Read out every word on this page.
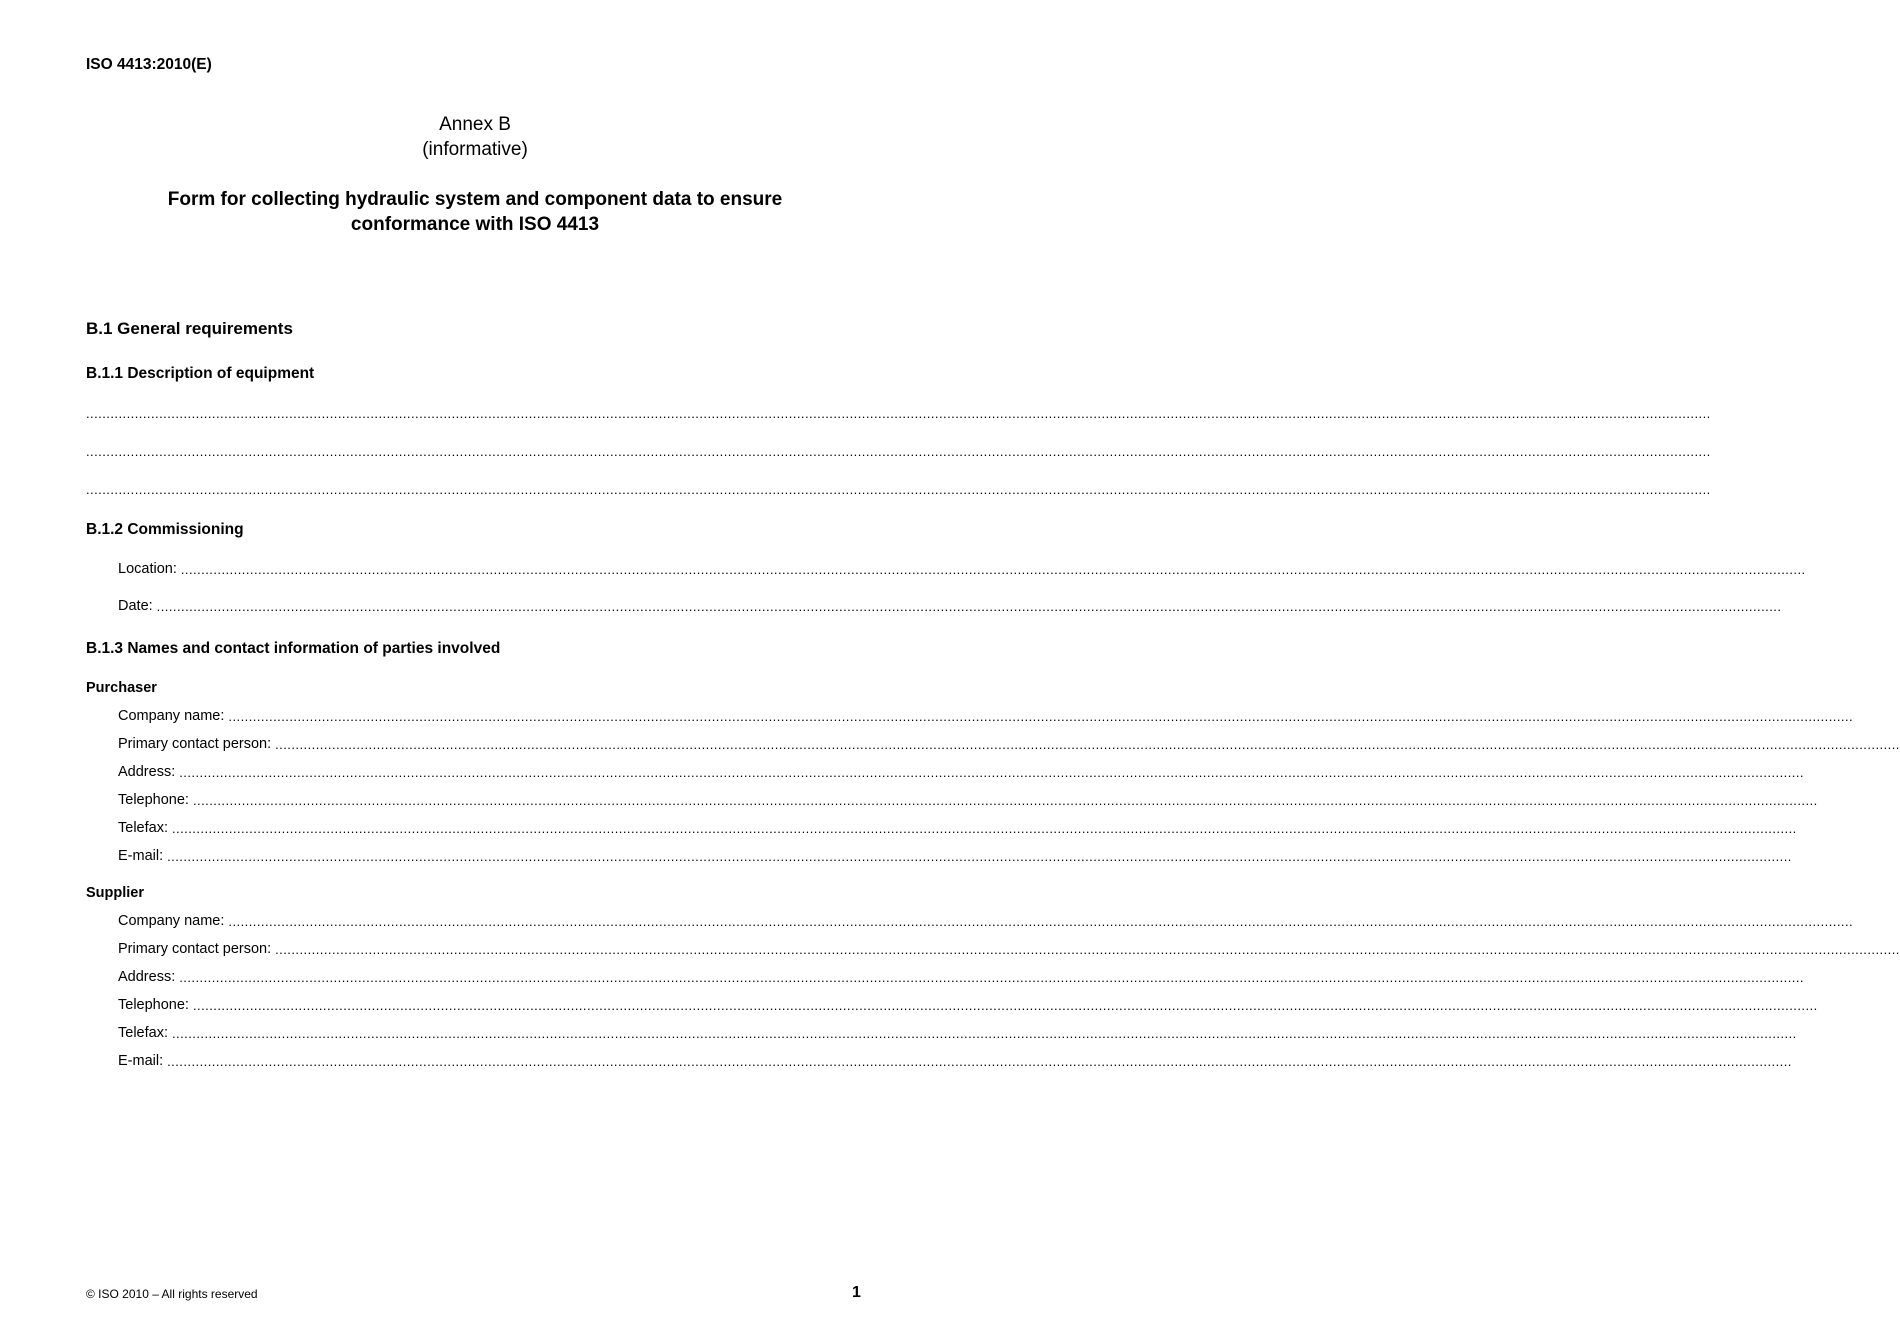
ISO 4413:2010(E)
Annex B
(informative)
Form for collecting hydraulic system and component data to ensure
conformance with ISO 4413
B.1 General requirements
B.1.1 Description of equipment
................................................................................................................................................................................................................................................................................................................................................................................................................
................................................................................................................................................................................................................................................................................................................................................................................................................
................................................................................................................................................................................................................................................................................................................................................................................................................
B.1.2 Commissioning
Location: ................................................................................................................................................................................................................................................................................................................................................................................................................
Date: ................................................................................................................................................................................................................................................................................................................................................................................................................
B.1.3 Names and contact information of parties involved
Purchaser
Company name: ................................................................................................................................................................................................................................................................................................................................................................................................................
Primary contact person: ................................................................................................................................................................................................................................................................................................................................................................................................................
Address: ................................................................................................................................................................................................................................................................................................................................................................................................................
Telephone: ................................................................................................................................................................................................................................................................................................................................................................................................................
Telefax: ................................................................................................................................................................................................................................................................................................................................................................................................................
E-mail: ................................................................................................................................................................................................................................................................................................................................................................................................................
Supplier
Company name: ................................................................................................................................................................................................................................................................................................................................................................................................................
Primary contact person: ................................................................................................................................................................................................................................................................................................................................................................................................................
Address: ................................................................................................................................................................................................................................................................................................................................................................................................................
Telephone: ................................................................................................................................................................................................................................................................................................................................................................................................................
Telefax: ................................................................................................................................................................................................................................................................................................................................................................................................................
E-mail: ................................................................................................................................................................................................................................................................................................................................................................................................................
© ISO 2010 – All rights reserved	1
